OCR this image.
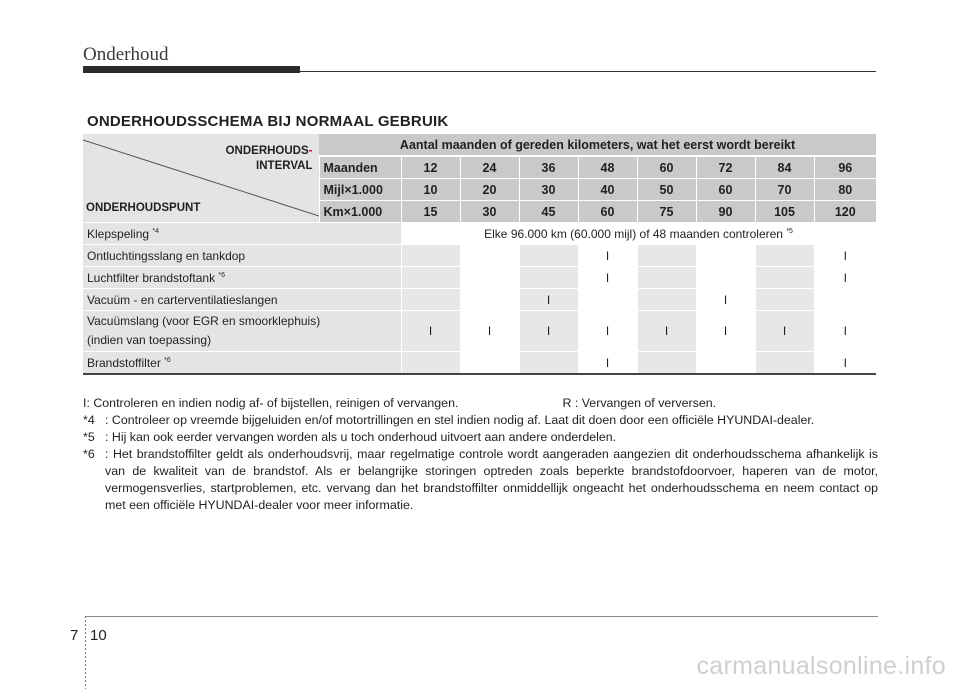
Onderhoud
ONDERHOUDSSCHEMA BIJ NORMAAL GEBRUIK
ONDERHOUDS-
INTERVAL
ONDERHOUDSPUNT	Aantal maanden of gereden kilometers, wat het eerst wordt bereikt								
	Maanden	12	24	36	48	60	72	84	96
	Mijl×1.000	10	20	30	40	50	60	70	80
	Km×1.000	15	30	45	60	75	90	105	120
Klepspeling $^{*4}$		Elke 96.000 km (60.000 mijl) of 48 maanden controleren $^{*5}$
Ontluchtingsslang en tankdop					I				I
Luchtfilter brandstoftank $^{*6}$					I				I
Vacuüm - en carterventilatieslangen				I			I		
Vacuümslang (voor EGR en smoorklephuis)
(indien van toepassing)		I	I	I	I	I	I	I	I
Brandstoffilter $^{*6}$					I				I
I : Controleren en indien nodig af- of bijstellen, reinigen of vervangen.	R : Vervangen of verversen.
*4 : Controleer op vreemde bijgeluiden en/of motortrillingen en stel indien nodig af. Laat dit doen door een officiële HYUNDAI-dealer.
*5 : Hij kan ook eerder vervangen worden als u toch onderhoud uitvoert aan andere onderdelen.
*6 : Het brandstoffilter geldt als onderhoudsvrij, maar regelmatige controle wordt aangeraden aangezien dit onderhoudsschema afhankelijk is van de kwaliteit van de brandstof. Als er belangrijke storingen optreden zoals beperkte brandstofdoorvoer, haperen van de motor, vermogensverlies, startproblemen, etc. vervang dan het brandstoffilter onmiddellijk ongeacht het onderhoudsschema en neem contact op met een officiële HYUNDAI-dealer voor meer informatie.
7 10
carmanualsonline.info
